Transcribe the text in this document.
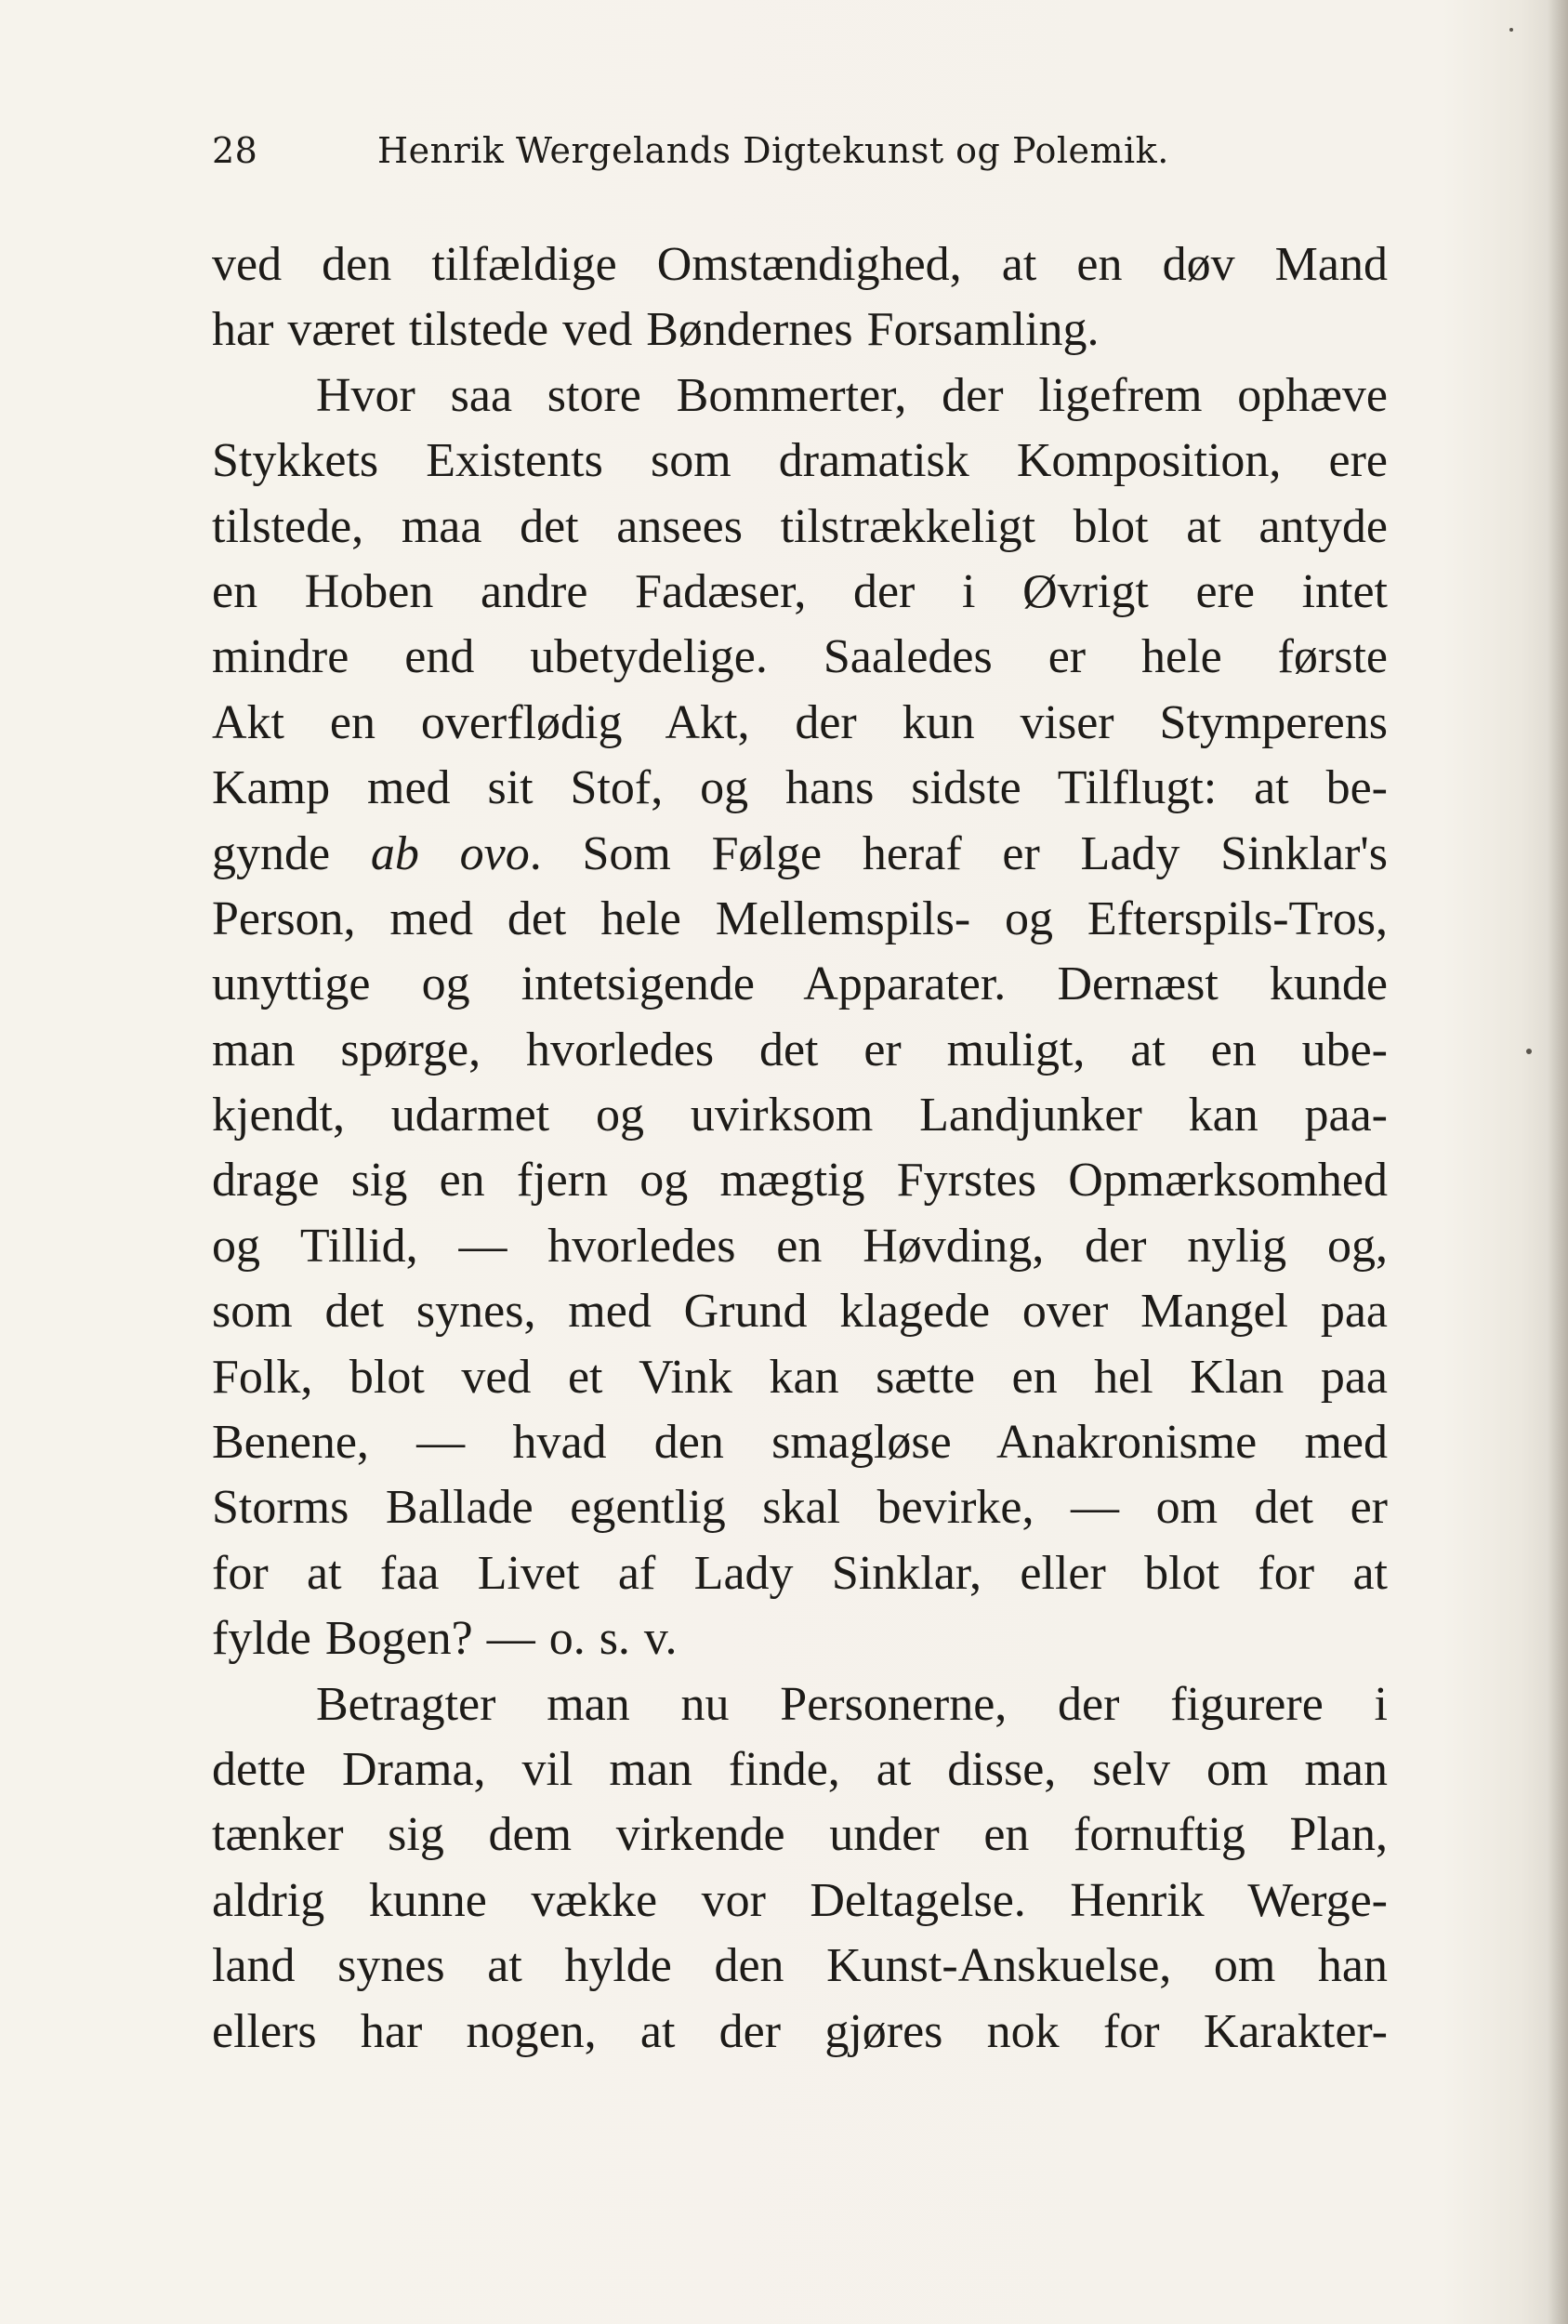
28	Henrik Wergelands Digtekunst og Polemik.
ved den tilfældige Omstændighed, at en døv Mand
har været tilstede ved Bøndernes Forsamling.
Hvor saa store Bommerter, der ligefrem ophæve
Stykkets Existents som dramatisk Komposition, ere
tilstede, maa det ansees tilstrækkeligt blot at antyde
en Hoben andre Fadæser, der i Øvrigt ere intet
mindre end ubetydelige. Saaledes er hele første
Akt en overflødig Akt, der kun viser Stymperens
Kamp med sit Stof, og hans sidste Tilflugt: at be-
gynde ab ovo. Som Følge heraf er Lady Sinklar's
Person, med det hele Mellemspils- og Efterspils-Tros,
unyttige og intetsigende Apparater. Dernæst kunde
man spørge, hvorledes det er muligt, at en ube-
kjendt, udarmet og uvirksom Landjunker kan paa-
drage sig en fjern og mægtig Fyrstes Opmærksomhed
og Tillid, — hvorledes en Høvding, der nylig og,
som det synes, med Grund klagede over Mangel paa
Folk, blot ved et Vink kan sætte en hel Klan paa
Benene, — hvad den smagløse Anakronisme med
Storms Ballade egentlig skal bevirke, — om det er
for at faa Livet af Lady Sinklar, eller blot for at
fylde Bogen? — o. s. v.
Betragter man nu Personerne, der figurere i
dette Drama, vil man finde, at disse, selv om man
tænker sig dem virkende under en fornuftig Plan,
aldrig kunne vække vor Deltagelse. Henrik Werge-
land synes at hylde den Kunst-Anskuelse, om han
ellers har nogen, at der gjøres nok for Karakter-
